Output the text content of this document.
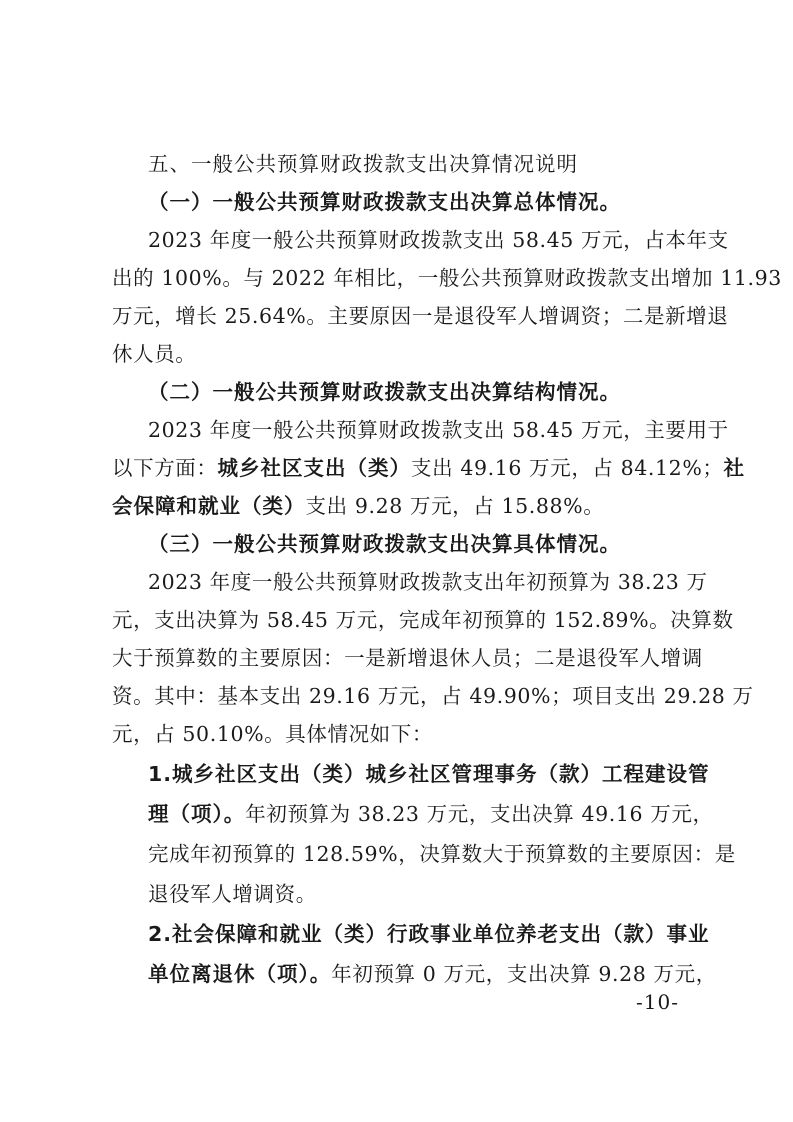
五、一般公共预算财政拨款支出决算情况说明
（一）一般公共预算财政拨款支出决算总体情况。
2023 年度一般公共预算财政拨款支出 58.45 万元，占本年支
出的 100%。与 2022 年相比，一般公共预算财政拨款支出增加 11.93
万元，增长 25.64%。主要原因一是退役军人增调资；二是新增退
休人员。
（二）一般公共预算财政拨款支出决算结构情况。
2023 年度一般公共预算财政拨款支出 58.45 万元，主要用于
以下方面：城乡社区支出（类）支出 49.16 万元，占 84.12%；社
会保障和就业（类）支出 9.28 万元，占 15.88%。
（三）一般公共预算财政拨款支出决算具体情况。
2023 年度一般公共预算财政拨款支出年初预算为 38.23 万
元，支出决算为 58.45 万元，完成年初预算的 152.89%。决算数
大于预算数的主要原因：一是新增退休人员；二是退役军人增调
资。其中：基本支出 29.16 万元，占 49.90%；项目支出 29.28 万
元，占 50.10%。具体情况如下：
1.城乡社区支出（类）城乡社区管理事务（款）工程建设管
理（项）。年初预算为 38.23 万元，支出决算 49.16 万元，
完成年初预算的 128.59%，决算数大于预算数的主要原因：是
退役军人增调资。
2.社会保障和就业（类）行政事业单位养老支出（款）事业
单位离退休（项）。年初预算 0 万元，支出决算 9.28 万元，
-10-
